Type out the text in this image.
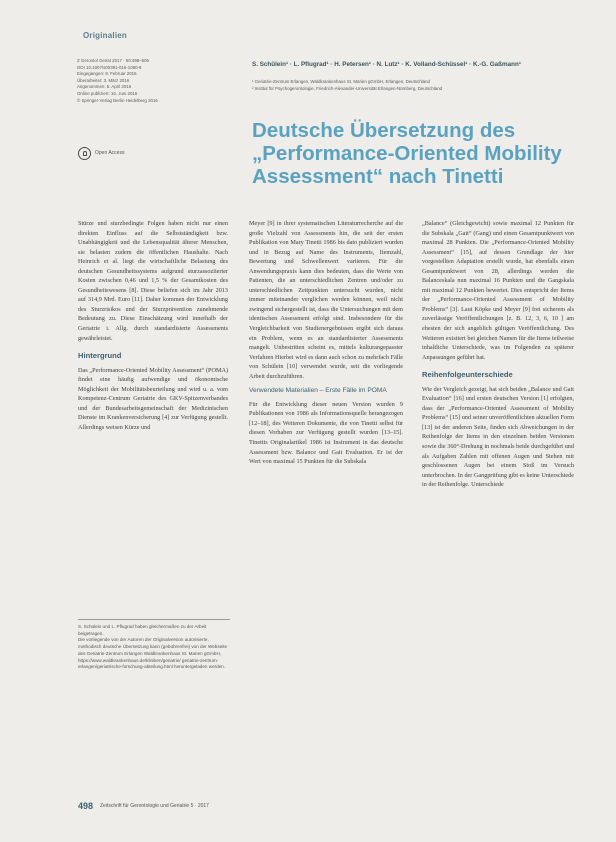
Originalien
Z Gerontol Geriat 2017 · 50:498–505
DOI 10.1007/s00391-016-1080-8
Eingegangen: 8. Februar 2016
Überarbeitet: 3. März 2016
Angenommen: 5. April 2016
Online publiziert: 16. Juni 2016
© Springer-Verlag Berlin Heidelberg 2016
Open Access
S. Schülein¹ · L. Pflugrad¹ · H. Petersen¹ · N. Lutz¹ · K. Volland-Schüssel¹ · K.-G. Gaßmann¹
¹ Geriatrie-Zentrum Erlangen, Waldkrankenhaus St. Marien gGmbH, Erlangen, Deutschland
² Institut für Psychogerontologie, Friedrich-Alexander-Universität Erlangen-Nürnberg, Deutschland
Deutsche Übersetzung des
„Performance-Oriented Mobility
Assessment“ nach Tinetti

Stürze und sturzbedingte Folgen haben nicht nur einen direkten Einfluss auf die Selbstständigkeit bzw. Unabhängigkeit und die Lebensqualität älterer Menschen, sie belasten zudem die öffentlichen Haushalte. Nach Heinrich et al. liegt die wirtschaftliche Belastung des deutschen Gesundheitssystems aufgrund sturzassoziierter Kosten zwischen 0,46 und 1,5 % der Gesamtkosten des Gesundheitswesens [8]. Diese beliefen sich im Jahr 2013 auf 314,9 Mrd. Euro [11]. Daher kommen der Entwicklung des Sturzrisikos und der Sturzprävention zunehmende Bedeutung zu. Diese Einschätzung wird innerhalb der Geriatrie i. Allg. durch standardisierte Assessments gewährleistet.

Hintergrund

Das „Performance-Oriented Mobility Assessment“ (POMA) findet eine häufig aufwendige und ökonomische Möglichkeit der Mobilitätsbeurteilung und wird u. a. vom Kompetenz-Centrum Geriatrie des GKV-Spitzenverbandes und der Bundesarbeitsgemeinschaft der Medizinischen Dienste im Krankenversicherung [4] zur Verfügung gestellt. Allerdings weisen Kürze und

Meyer [9] in ihrer systematischen Literaturrecherche auf die große Vielzahl von Assessments hin, die seit der ersten Publikation von Mary Tinetti 1986 bis dato publiziert wurden und in Bezug auf Name des Instruments, Itemzahl, Bewertung und Schwellenwert variieren. Für die Anwendungspraxis kann dies bedeuten, dass die Werte von Patienten, die an unterschiedlichen Zentren und/oder zu unterschiedlichen Zeitpunkten untersucht wurden, nicht immer miteinander verglichen werden können, weil nicht zwingend sichergestellt ist, dass die Untersuchungen mit dem identischen Assessment erfolgt sind. Insbesondere für die Vergleichbarkeit von Studienergebnissen ergibt sich daraus ein Problem, wenn es an standardisierter Assessments mangelt. Unbestritten scheint es, mittels kulturangepasster Verfahren Hierbei wird es dann auch schon zu mehrfach Fälle von Schülein [10] verwendet wurde, seit die vorliegende Arbeit durchzuführen.

Verwendete Materialien – Erste Fälle im POMA

Für die Entwicklung dieser neuen Version wurden 9 Publikationen von 1986 als Informationsquelle herangezogen [12–18], des Weiteren Dokumente, die von Tinetti selbst für diesen Vorhaben zur Verfügung gestellt wurden [13–15]. Tinettis Originalartikel 1986 ist Instrument in das deutsche Assessment bzw. Balance und Gait Evaluation. Er ist der Wert von maximal 15 Punkten für die Subskala

„Balance“ (Gleichgewicht) sowie maximal 12 Punkten für die Subskala „Gait“ (Gang) und einen Gesamtpunktwert von maximal 28 Punkten. Die „Performance-Oriented Mobility Assessment“ [15], auf dessen Grundlage der hier vorgestellten Adaptation erstellt wurde, hat ebenfalls einen Gesamtpunktwert von 28, allerdings werden die Balanceskala nun maximal 16 Punkten und die Gangskala mit maximal 12 Punkten bewertet. Dies entspricht der Items der „Performance-Oriented Assessment of Mobility Problems“ [3]. Laut Köpke und Meyer [9] frei sicherem als zuverlässige Veröffentlichungen [z. B. 12, 3, 6, 10 ] am ehesten der sich angeblich gültigen Veröffentlichung. Des Weiteren existiert bei gleichen Namen für die Items teilweise inhaltliche Unterschiede, was im Folgenden zu späterer Anpassungen geführt hat.

Reihenfolgeunterschiede

Wie der Vergleich gezeigt, hat sich beiden „Balance und Gait Evaluation“ [16] und ersten deutschen Version [1] erfolgten, dass der „Performance-Oriented Assessment of Mobility Problems“ [15] und seiner unveröffentlichten aktuellen Form [13] ist der anderen Seite, finden sich Abweichungen in der Reihenfolge der Items in den einzelnen beiden Versionen sowie die 360°-Drehung in nochmals beide durchgeführt und als Aufgaben Zahlen mit offenen Augen und Stehen mit geschlossenen Augen bei einem Stoß im Versuch unterbrochen. In der Gangprüfung gibt es keine Unterschiede in der Reihenfolge. Unterschiede

S. Schülein und L. Pflugrad haben gleichermaßen zu der Arbeit beigetragen.

Die vorliegende von der Autoren der Originalversion autorisierte, methodisch deutsche Übersetzung kann (gebührenfrei) von der Webseite des Geriatrie-Zentrum Erlangen Waldkrankenhaus St. Marien gGmbH, https://www.waldkrankenhaus.de/kliniken/geriatrie/ geriatrie-zentrum-erlangen/geriatrische-forschung-abteilung.html heruntergeladen werden.

498 Zeitschrift für Gerontologie und Geriatrie 5 · 2017
